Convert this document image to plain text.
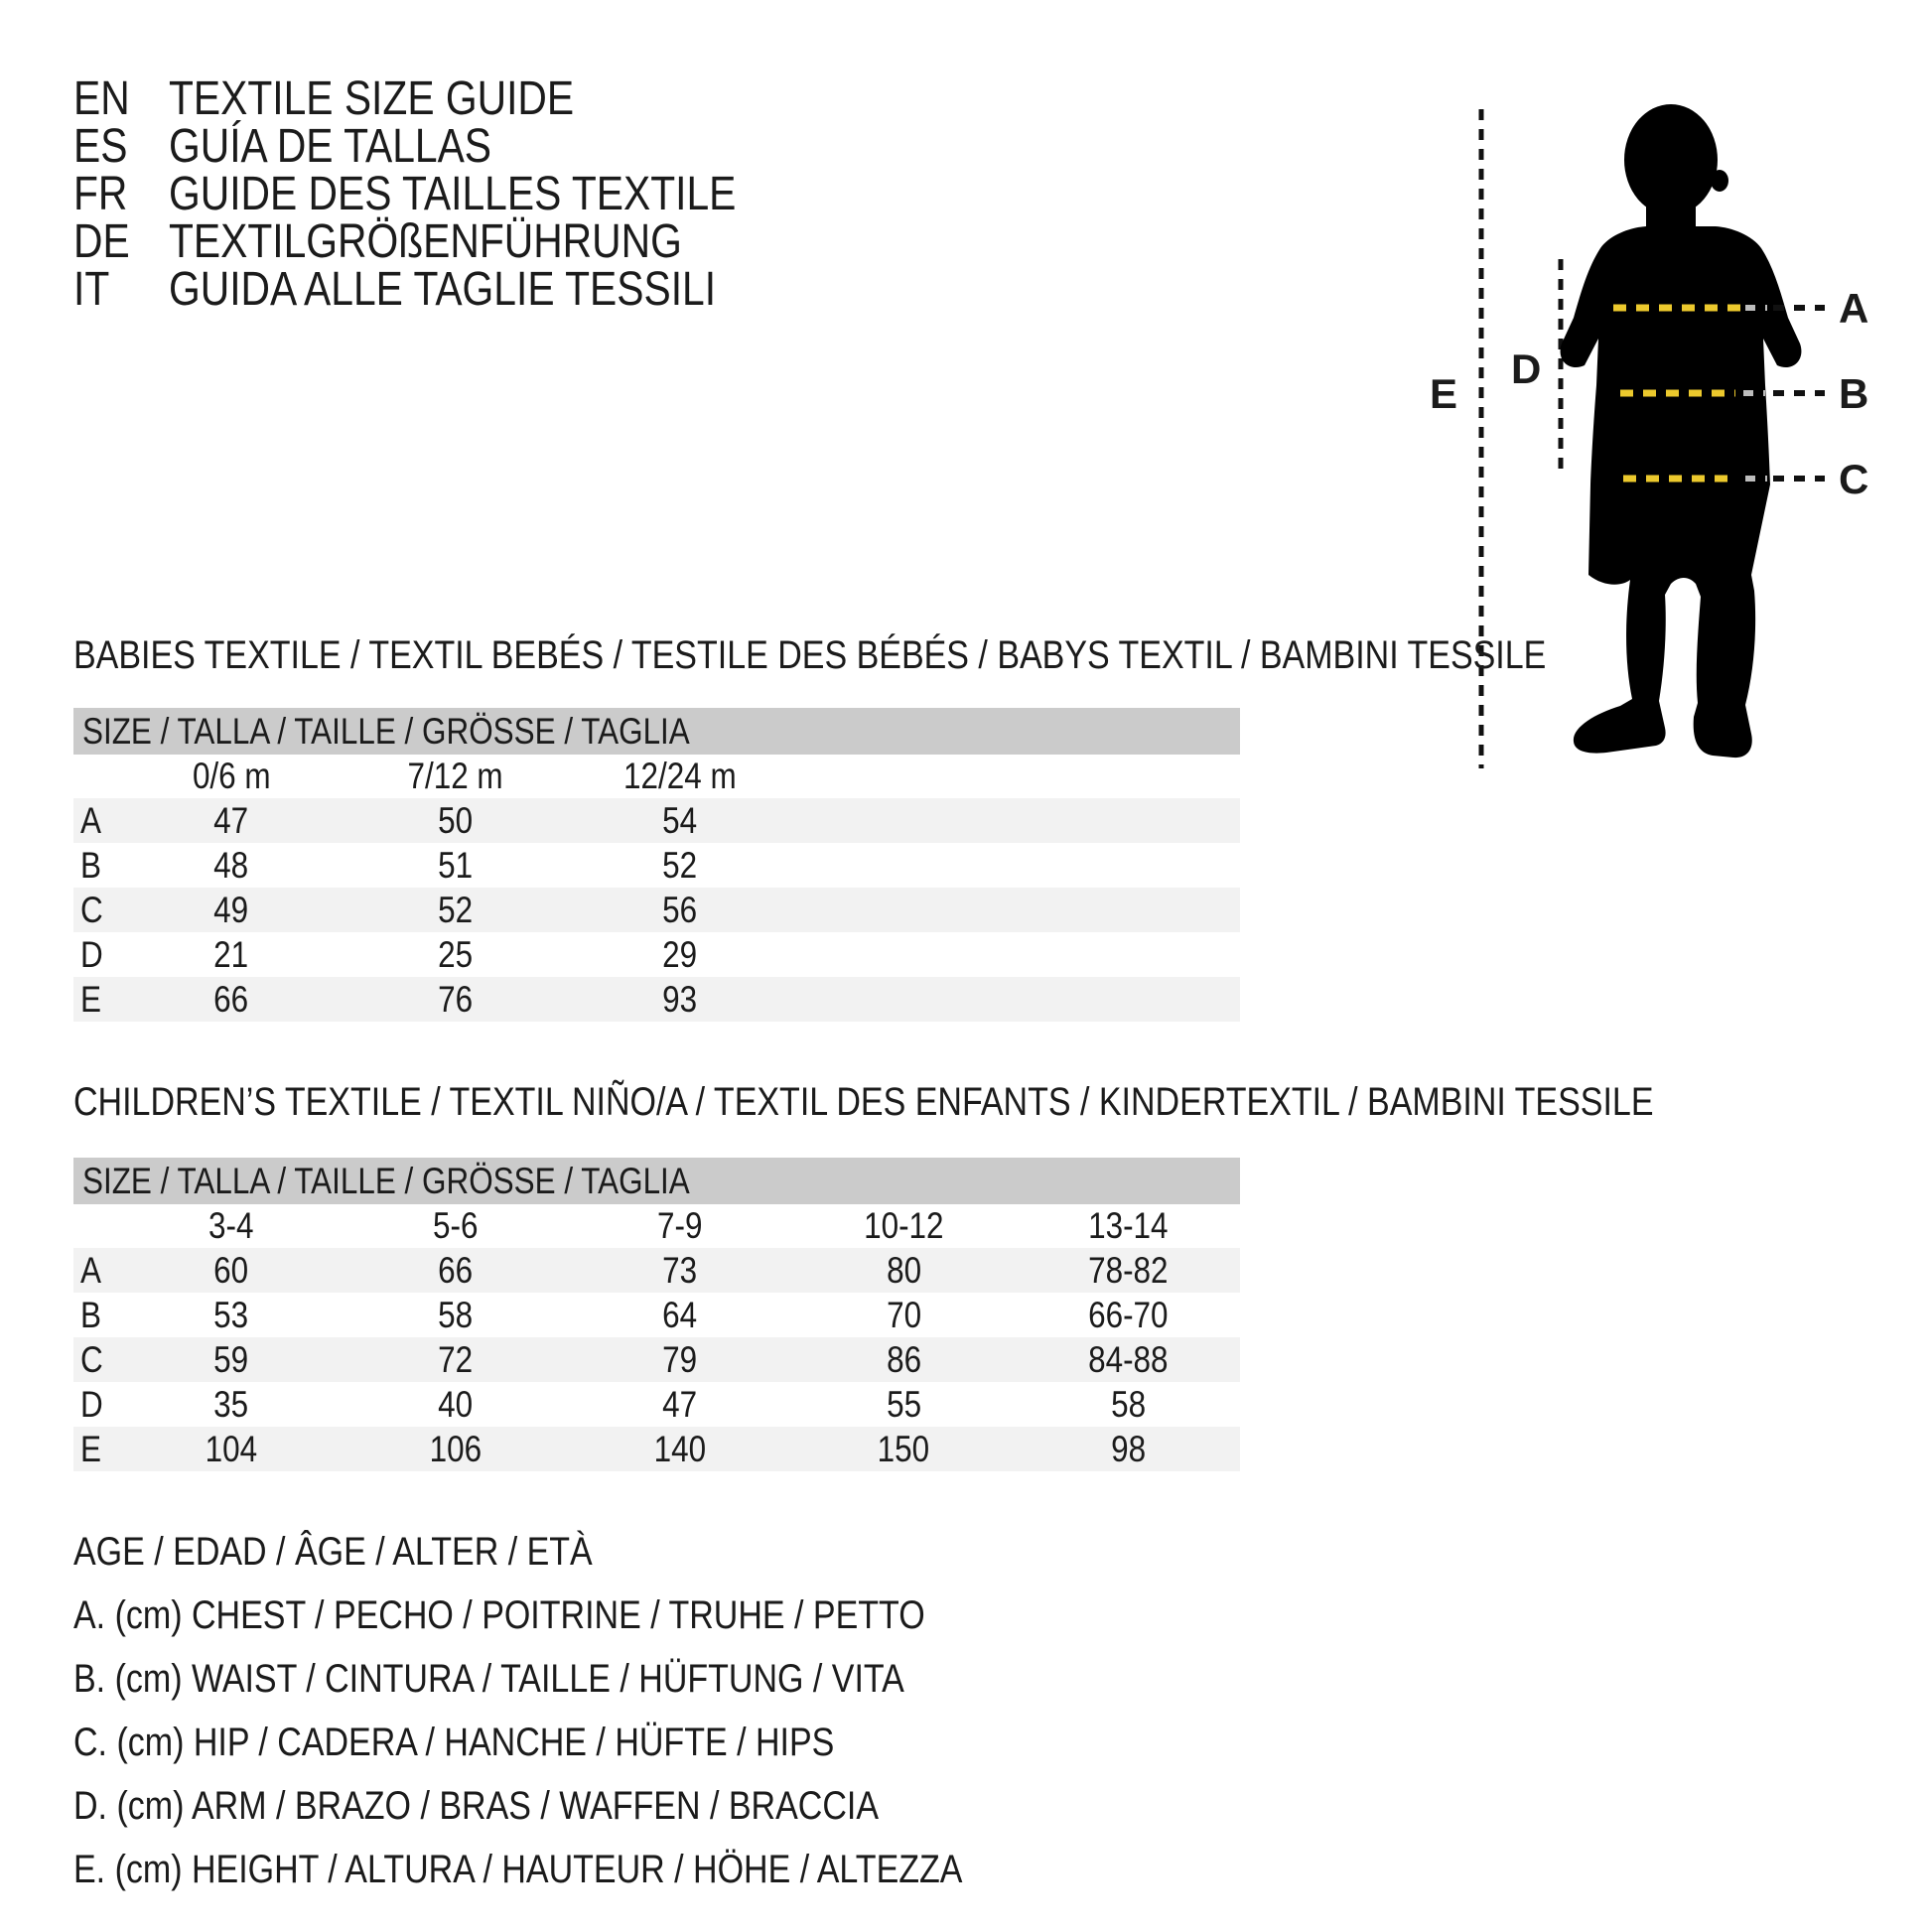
EN TEXTILE SIZE GUIDE
ES GUÍA DE TALLAS
FR GUIDE DES TAILLES TEXTILE
DE TEXTILGRÖßENFÜHRUNG
IT GUIDA ALLE TAGLIE TESSILI	A
B
C
D
E
BABIES TEXTILE / TEXTIL BEBÉS / TESTILE DES BÉBÉS / BABYS TEXTIL / BAMBINI TESSILE
SIZE / TALLA / TAILLE / GRÖSSE / TAGLIA
0/6 m	7/12 m	12/24 m
A	47	50	54
B	48	51	52
C	49	52	56
D	21	25	29
E	66	76	93
CHILDREN’S TEXTILE / TEXTIL NIÑO/A / TEXTIL DES ENFANTS / KINDERTEXTIL / BAMBINI TESSILE
SIZE / TALLA / TAILLE / GRÖSSE / TAGLIA
3-4	5-6	7-9	10-12	13-14
A	60	66	73	80	78-82
B	53	58	64	70	66-70
C	59	72	79	86	84-88
D	35	40	47	55	58
E	104	106	140	150	98
AGE / EDAD / ÂGE / ALTER / ETÀ
A. (cm) CHEST / PECHO / POITRINE / TRUHE / PETTO
B. (cm) WAIST / CINTURA / TAILLE / HÜFTUNG / VITA
C. (cm) HIP / CADERA / HANCHE / HÜFTE / HIPS
D. (cm) ARM / BRAZO / BRAS / WAFFEN / BRACCIA
E. (cm) HEIGHT / ALTURA / HAUTEUR / HÖHE / ALTEZZA
